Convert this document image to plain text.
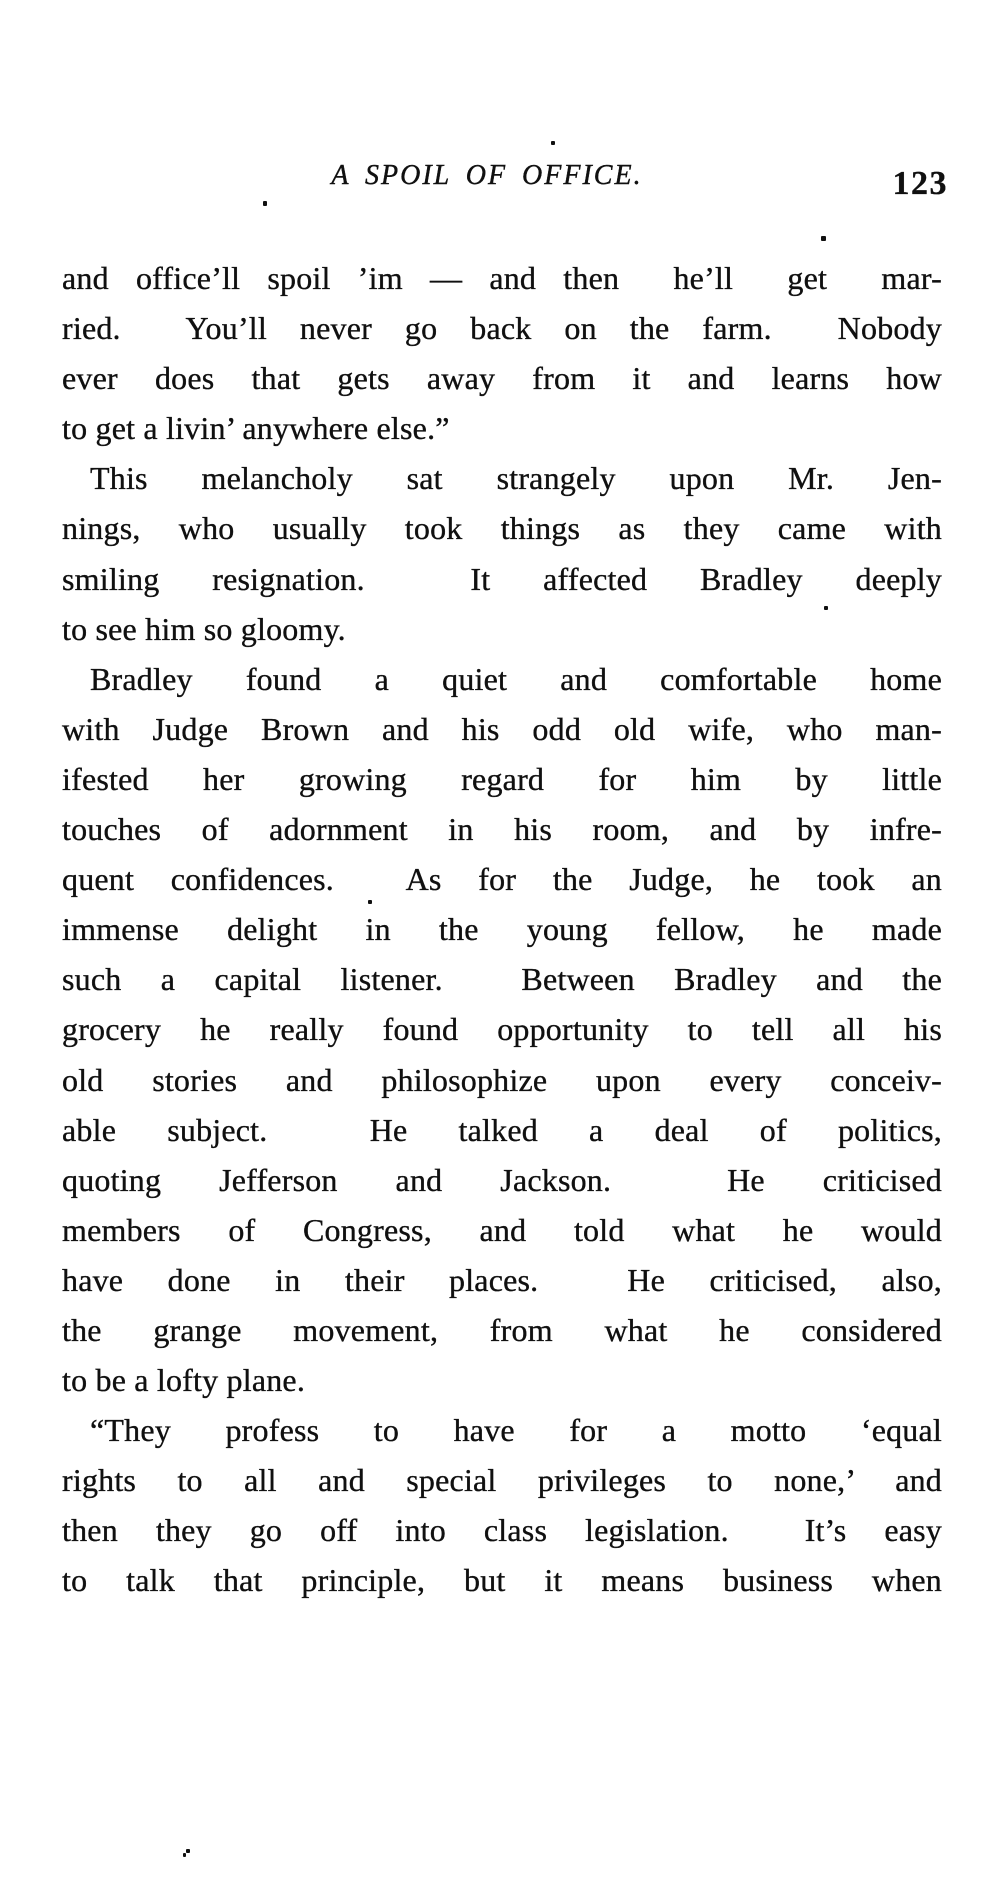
A SPOIL OF OFFICE.	123
and office’ll spoil ’im — and then  he’ll  get  mar-
ried.  You’ll never go back on the farm.  Nobody
ever does that gets away from it and learns how
to get a livin’ anywhere else.”
This melancholy sat strangely upon Mr. Jen-
nings, who usually took things as they came with
smiling resignation.  It affected Bradley deeply
to see him so gloomy.
Bradley found a quiet and comfortable home
with Judge Brown and his odd old wife, who man-
ifested her growing regard for him by little
touches of adornment in his room, and by infre-
quent confidences.  As for the Judge, he took an
immense delight in the young fellow, he made
such a capital listener.  Between Bradley and the
grocery he really found opportunity to tell all his
old stories and philosophize upon every conceiv-
able subject.  He talked a deal of politics,
quoting Jefferson and Jackson.  He criticised
members of Congress, and told what he would
have done in their places.  He criticised, also,
the grange movement, from what he considered
to be a lofty plane.
“They profess to have for a motto ‘equal
rights to all and special privileges to none,’ and
then they go off into class legislation.  It’s easy
to talk that principle, but it means business when
